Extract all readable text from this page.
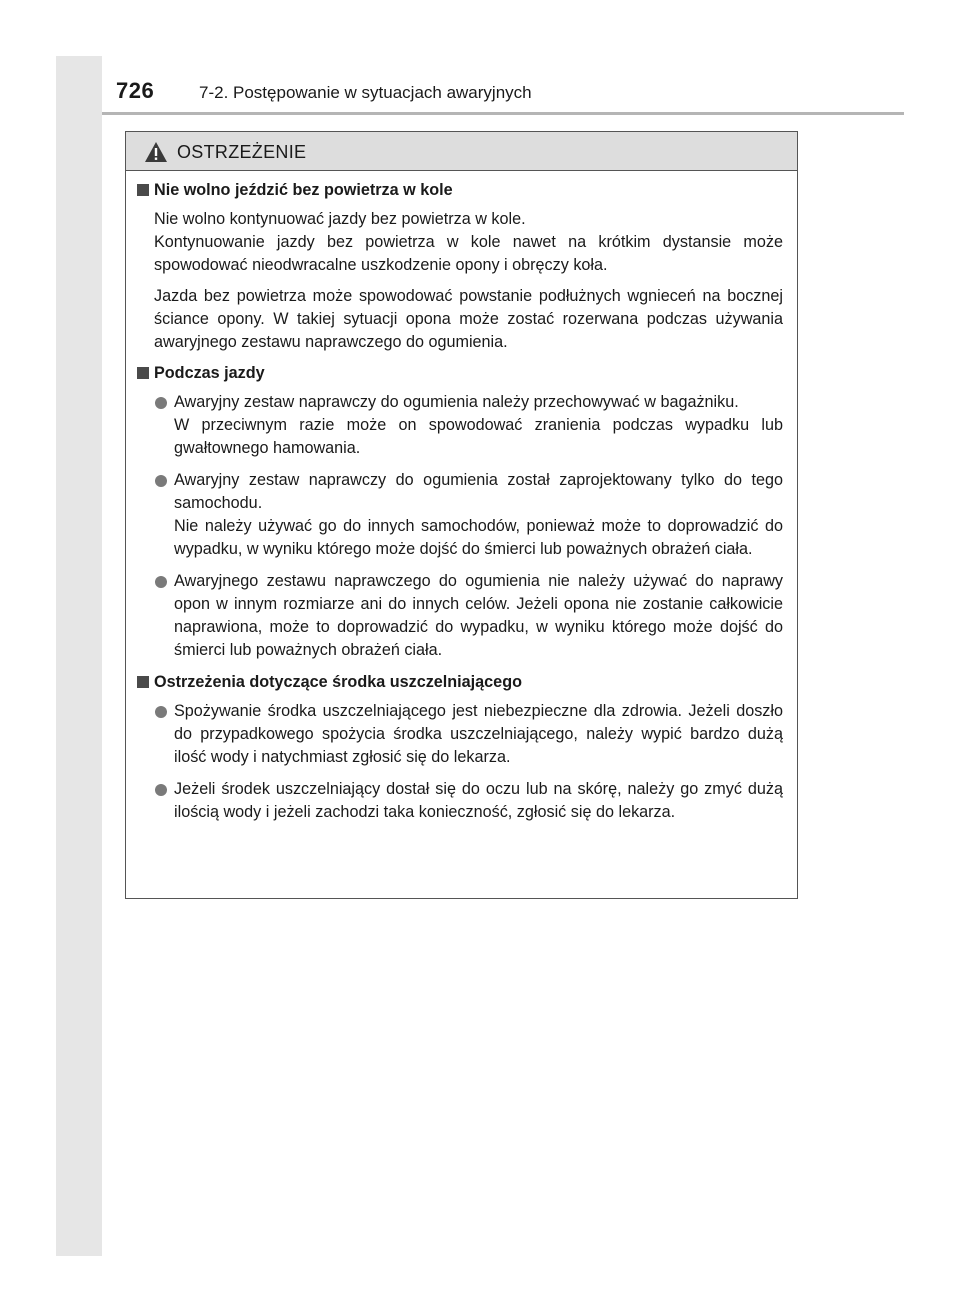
726	7-2. Postępowanie w sytuacjach awaryjnych
OSTRZEŻENIE
Nie wolno jeździć bez powietrza w kole
Nie wolno kontynuować jazdy bez powietrza w kole.
Kontynuowanie jazdy bez powietrza w kole nawet na krótkim dystansie może spowodować nieodwracalne uszkodzenie opony i obręczy koła.
Jazda bez powietrza może spowodować powstanie podłużnych wgnieceń na bocznej ściance opony. W takiej sytuacji opona może zostać rozerwana podczas używania awaryjnego zestawu naprawczego do ogumienia.
Podczas jazdy
Awaryjny zestaw naprawczy do ogumienia należy przechowywać w bagażniku.
W przeciwnym razie może on spowodować zranienia podczas wypadku lub gwałtownego hamowania.
Awaryjny zestaw naprawczy do ogumienia został zaprojektowany tylko do tego samochodu.
Nie należy używać go do innych samochodów, ponieważ może to doprowadzić do wypadku, w wyniku którego może dojść do śmierci lub poważnych obrażeń ciała.
Awaryjnego zestawu naprawczego do ogumienia nie należy używać do naprawy opon w innym rozmiarze ani do innych celów. Jeżeli opona nie zostanie całkowicie naprawiona, może to doprowadzić do wypadku, w wyniku którego może dojść do śmierci lub poważnych obrażeń ciała.
Ostrzeżenia dotyczące środka uszczelniającego
Spożywanie środka uszczelniającego jest niebezpieczne dla zdrowia. Jeżeli doszło do przypadkowego spożycia środka uszczelniającego, należy wypić bardzo dużą ilość wody i natychmiast zgłosić się do lekarza.
Jeżeli środek uszczelniający dostał się do oczu lub na skórę, należy go zmyć dużą ilością wody i jeżeli zachodzi taka konieczność, zgłosić się do lekarza.
